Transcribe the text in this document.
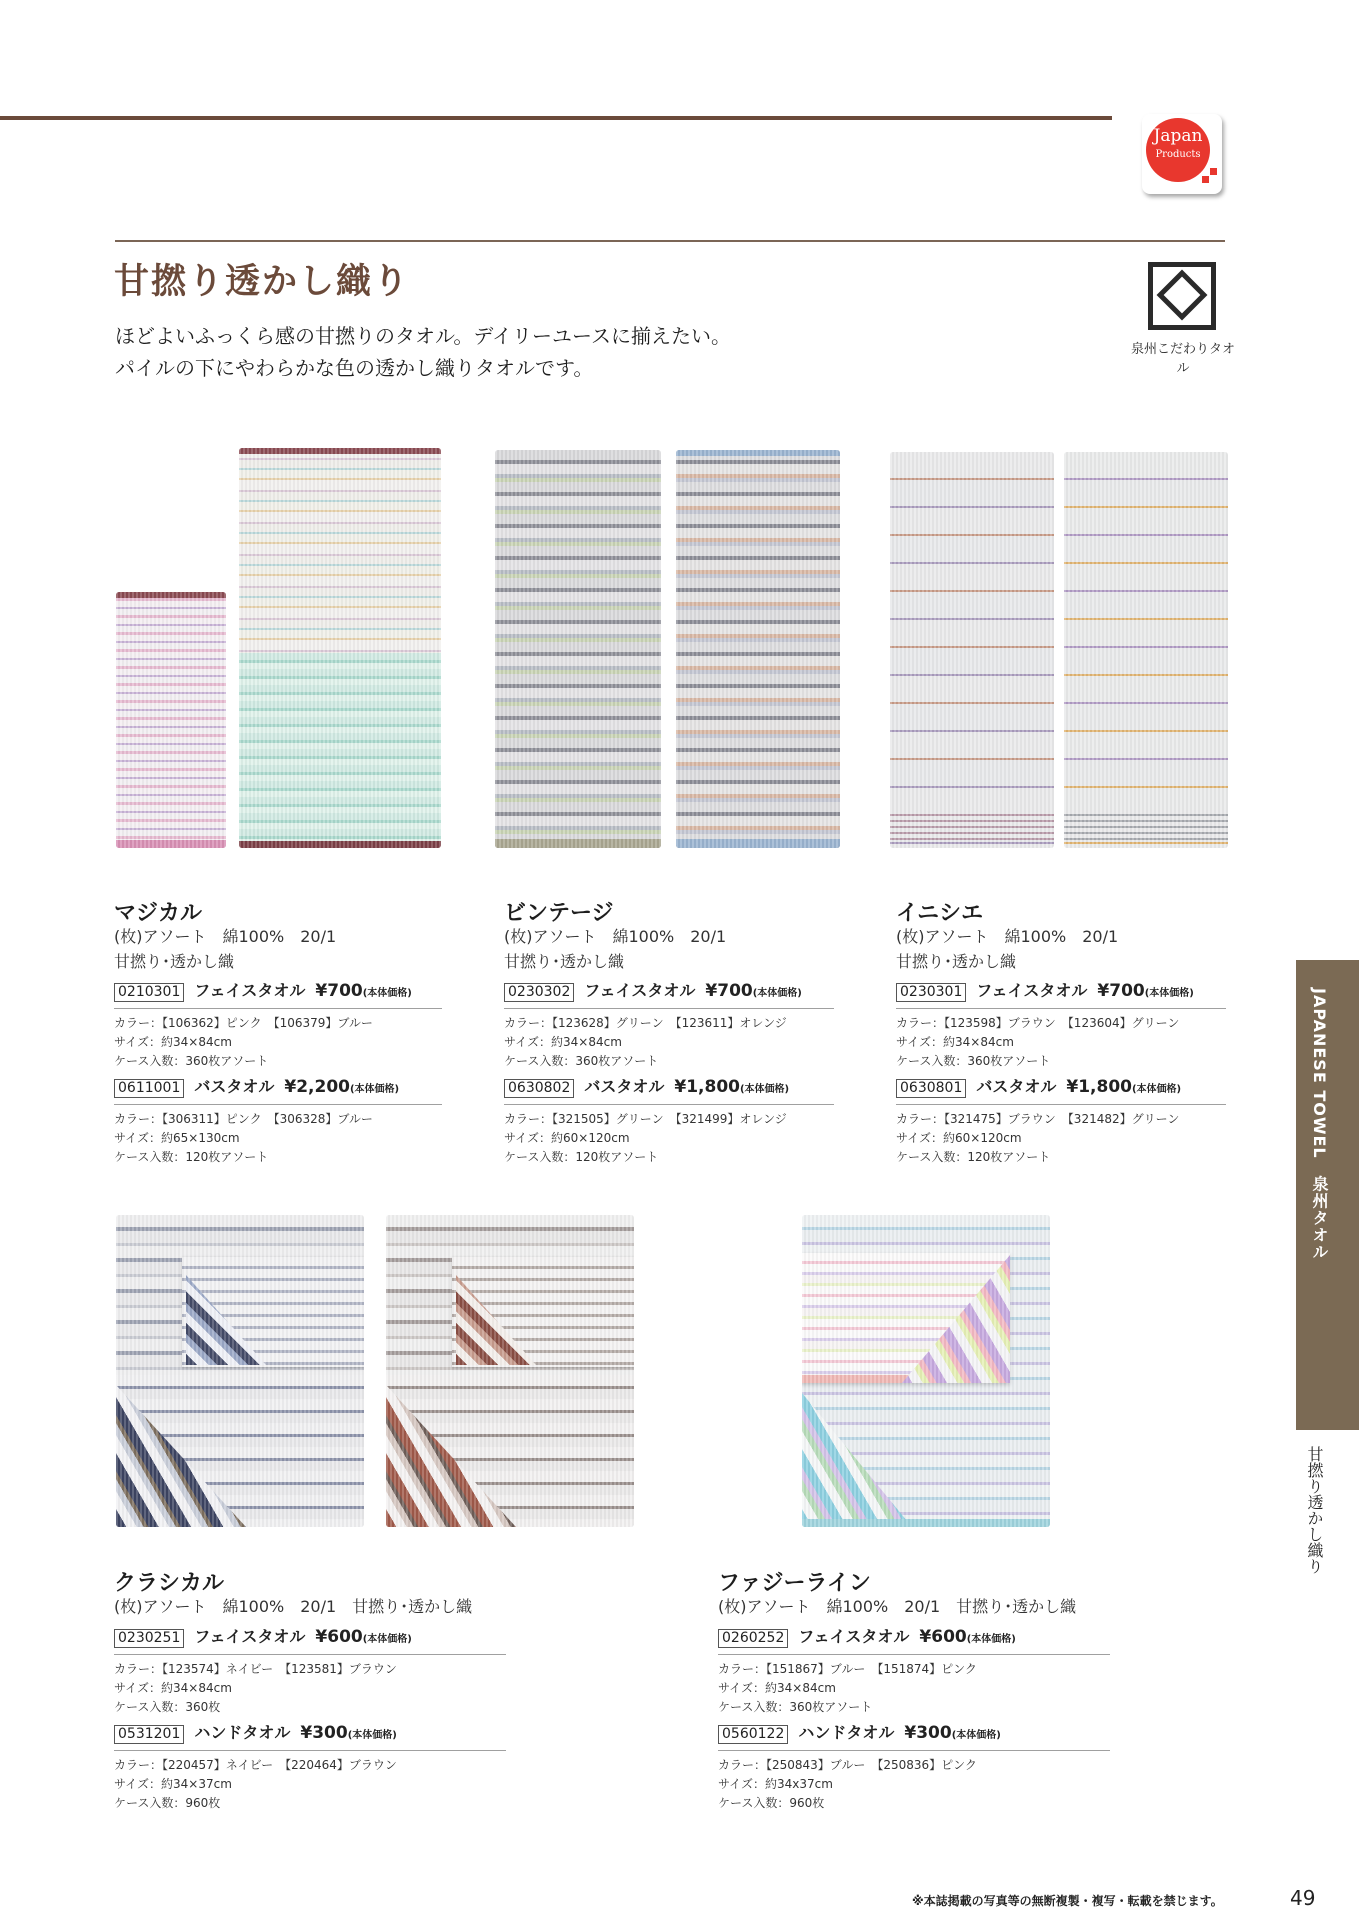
Japan
Products
甘撚り透かし織り
ほどよいふっくら感の甘撚りのタオル。デイリーユースに揃えたい。
パイルの下にやわらかな色の透かし織りタオルです。
泉州こだわりタオル
マジカル
(枚)アソート　綿100%　20/1
甘撚り･透かし織
0210301 フェイスタオル ¥700(本体価格)
カラー：【106362】ピンク　【106379】ブルー
サイズ：約34×84cm
ケース入数：360枚アソート
0611001 バスタオル ¥2,200(本体価格)
カラー：【306311】ピンク　【306328】ブルー
サイズ：約65×130cm
ケース入数：120枚アソート
ビンテージ
(枚)アソート　綿100%　20/1
甘撚り･透かし織
0230302 フェイスタオル ¥700(本体価格)
カラー：【123628】グリーン　【123611】オレンジ
サイズ：約34×84cm
ケース入数：360枚アソート
0630802 バスタオル ¥1,800(本体価格)
カラー：【321505】グリーン　【321499】オレンジ
サイズ：約60×120cm
ケース入数：120枚アソート
イニシエ
(枚)アソート　綿100%　20/1
甘撚り･透かし織
0230301 フェイスタオル ¥700(本体価格)
カラー：【123598】ブラウン　【123604】グリーン
サイズ：約34×84cm
ケース入数：360枚アソート
0630801 バスタオル ¥1,800(本体価格)
カラー：【321475】ブラウン　【321482】グリーン
サイズ：約60×120cm
ケース入数：120枚アソート
クラシカル
(枚)アソート　綿100%　20/1　甘撚り･透かし織
0230251 フェイスタオル ¥600(本体価格)
カラー：【123574】ネイビー　【123581】ブラウン
サイズ：約34×84cm
ケース入数：360枚
0531201 ハンドタオル ¥300(本体価格)
カラー：【220457】ネイビー　【220464】ブラウン
サイズ：約34×37cm
ケース入数：960枚
ファジーライン
(枚)アソート　綿100%　20/1　甘撚り･透かし織
0260252 フェイスタオル ¥600(本体価格)
カラー：【151867】ブルー　【151874】ピンク
サイズ：約34×84cm
ケース入数：360枚アソート
0560122 ハンドタオル ¥300(本体価格)
カラー：【250843】ブルー　【250836】ピンク
サイズ：約34x37cm
ケース入数：960枚
JAPANESE TOWEL　泉州タオル
甘撚り透かし織り
※本誌掲載の写真等の無断複製・複写・転載を禁じます。	49
